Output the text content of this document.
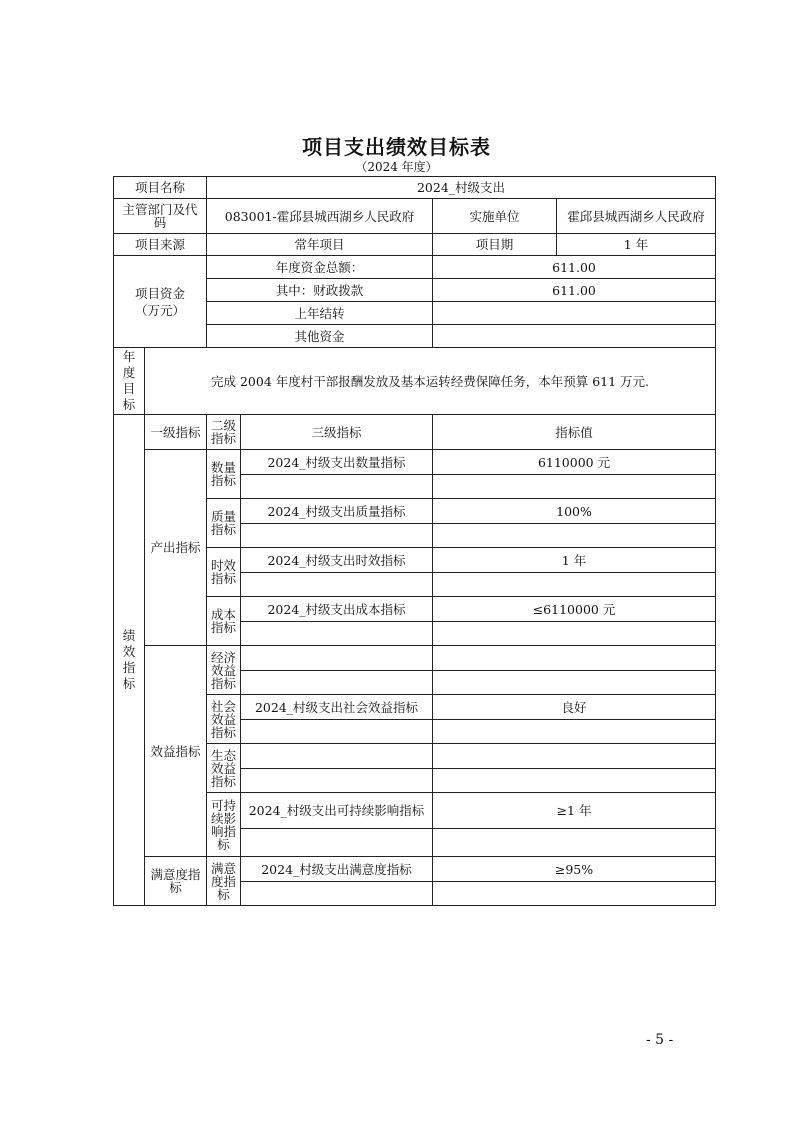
项目支出绩效目标表
（2024 年度）
项目名称		2024_村级支出			
主管部门及代码		083001-霍邱县城西湖乡人民政府		实施单位	霍邱县城西湖乡人民政府
项目来源		常年项目		项目期	1 年

项目资金
（万元）		年度资金总额：		611.00	
		其中：财政拨款		611.00	
		上年结转			
		其他资金			

年度目标	完成 2004 年度村干部报酬发放及基本运转经费保障任务，本年预算 611 万元.				

绩效指标	一级指标	二级指标	三级指标	指标值	
	产出指标	数量指标	2024_村级支出数量指标	6110000 元	

		质量指标	2024_村级支出质量指标	100%	

		时效指标	2024_村级支出时效指标	1 年	

		成本指标	2024_村级支出成本指标	≤6110000 元	

	效益指标	经济效益指标			

		社会效益指标	2024_村级支出社会效益指标	良好	

		生态效益指标			

		可持续影响指标	2024_村级支出可持续影响指标	≥1 年	

	满意度指标	满意度指标	2024_村级支出满意度指标	≥95%	

- 5 -
